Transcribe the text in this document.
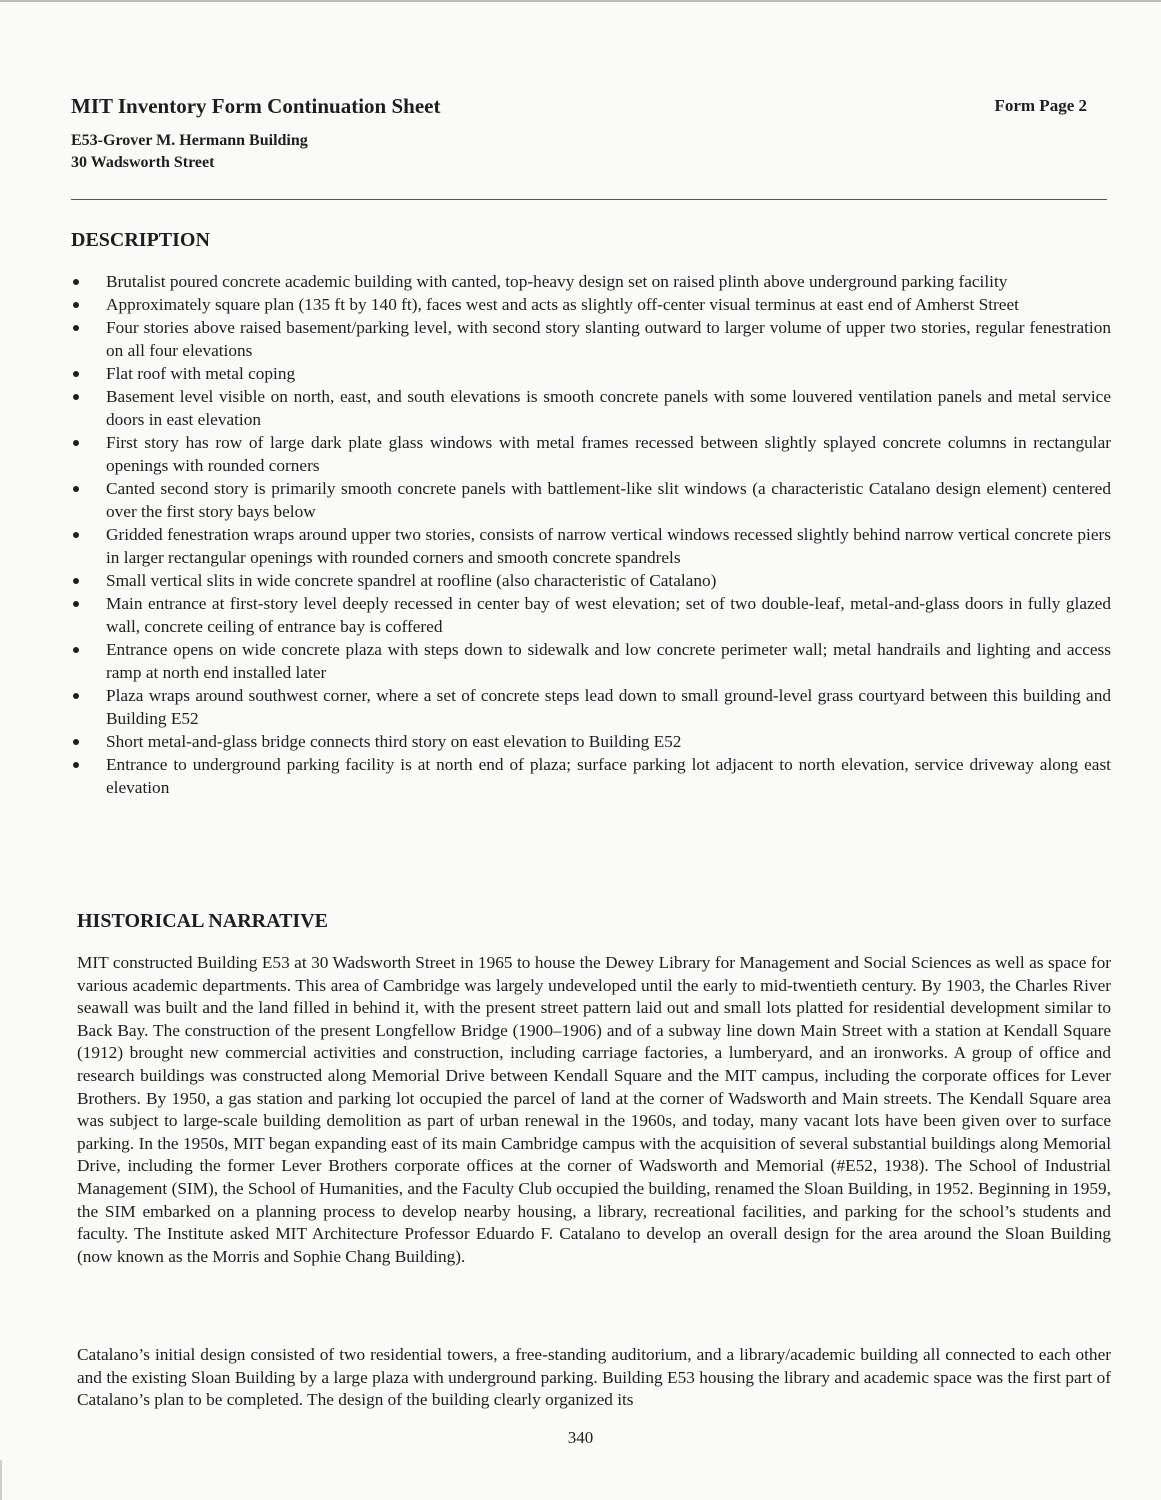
MIT Inventory Form Continuation Sheet	Form Page 2
E53-Grover M. Hermann Building
30 Wadsworth Street
DESCRIPTION
Brutalist poured concrete academic building with canted, top-heavy design set on raised plinth above underground parking facility
Approximately square plan (135 ft by 140 ft), faces west and acts as slightly off-center visual terminus at east end of Amherst Street
Four stories above raised basement/parking level, with second story slanting outward to larger volume of upper two stories, regular fenestration on all four elevations
Flat roof with metal coping
Basement level visible on north, east, and south elevations is smooth concrete panels with some louvered ventilation panels and metal service doors in east elevation
First story has row of large dark plate glass windows with metal frames recessed between slightly splayed concrete columns in rectangular openings with rounded corners
Canted second story is primarily smooth concrete panels with battlement-like slit windows (a characteristic Catalano design element) centered over the first story bays below
Gridded fenestration wraps around upper two stories, consists of narrow vertical windows recessed slightly behind narrow vertical concrete piers in larger rectangular openings with rounded corners and smooth concrete spandrels
Small vertical slits in wide concrete spandrel at roofline (also characteristic of Catalano)
Main entrance at first-story level deeply recessed in center bay of west elevation; set of two double-leaf, metal-and-glass doors in fully glazed wall, concrete ceiling of entrance bay is coffered
Entrance opens on wide concrete plaza with steps down to sidewalk and low concrete perimeter wall; metal handrails and lighting and access ramp at north end installed later
Plaza wraps around southwest corner, where a set of concrete steps lead down to small ground-level grass courtyard between this building and Building E52
Short metal-and-glass bridge connects third story on east elevation to Building E52
Entrance to underground parking facility is at north end of plaza; surface parking lot adjacent to north elevation, service driveway along east elevation
HISTORICAL NARRATIVE

MIT constructed Building E53 at 30 Wadsworth Street in 1965 to house the Dewey Library for Management and Social Sciences as well as space for various academic departments. This area of Cambridge was largely undeveloped until the early to mid-twentieth century. By 1903, the Charles River seawall was built and the land filled in behind it, with the present street pattern laid out and small lots platted for residential development similar to Back Bay. The construction of the present Longfellow Bridge (1900–1906) and of a subway line down Main Street with a station at Kendall Square (1912) brought new commercial activities and construction, including carriage factories, a lumberyard, and an ironworks. A group of office and research buildings was constructed along Memorial Drive between Kendall Square and the MIT campus, including the corporate offices for Lever Brothers. By 1950, a gas station and parking lot occupied the parcel of land at the corner of Wadsworth and Main streets. The Kendall Square area was subject to large-scale building demolition as part of urban renewal in the 1960s, and today, many vacant lots have been given over to surface parking. In the 1950s, MIT began expanding east of its main Cambridge campus with the acquisition of several substantial buildings along Memorial Drive, including the former Lever Brothers corporate offices at the corner of Wadsworth and Memorial (#E52, 1938). The School of Industrial Management (SIM), the School of Humanities, and the Faculty Club occupied the building, renamed the Sloan Building, in 1952. Beginning in 1959, the SIM embarked on a planning process to develop nearby housing, a library, recreational facilities, and parking for the school’s students and faculty. The Institute asked MIT Architecture Professor Eduardo F. Catalano to develop an overall design for the area around the Sloan Building (now known as the Morris and Sophie Chang Building).

Catalano’s initial design consisted of two residential towers, a free-standing auditorium, and a library/academic building all connected to each other and the existing Sloan Building by a large plaza with underground parking. Building E53 housing the library and academic space was the first part of Catalano’s plan to be completed. The design of the building clearly organized its

340
